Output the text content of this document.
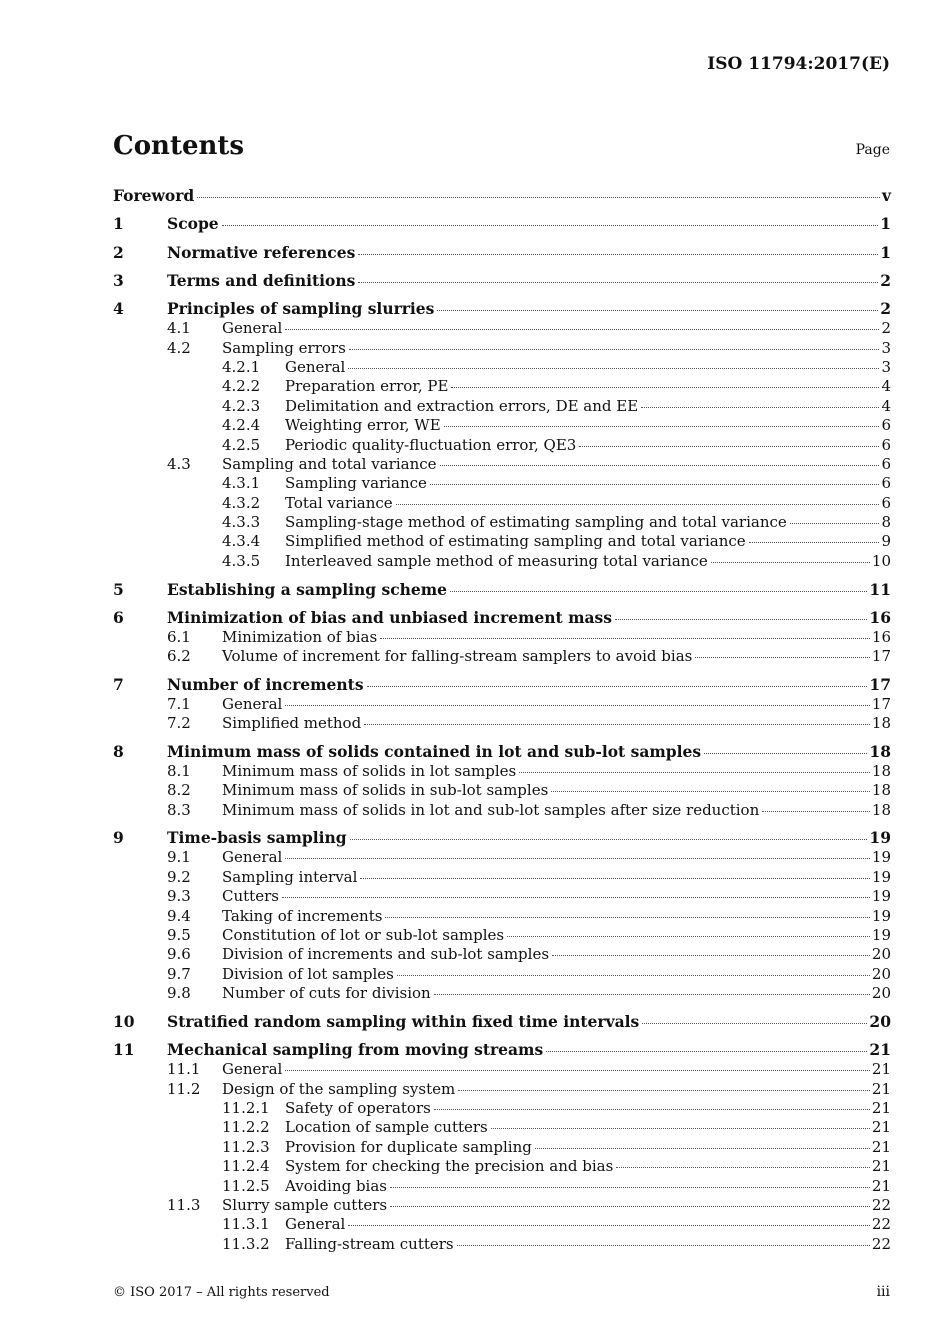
ISO 11794:2017(E)
Contents	Page
Foreword	v
1	Scope	1
2	Normative references	1
3	Terms and definitions	2
4	Principles of sampling slurries	2
4.1	General	2
4.2	Sampling errors	3
4.2.1	General	3
4.2.2	Preparation error, PE	4
4.2.3	Delimitation and extraction errors, DE and EE	4
4.2.4	Weighting error, WE	6
4.2.5	Periodic quality-fluctuation error, QE3	6
4.3	Sampling and total variance	6
4.3.1	Sampling variance	6
4.3.2	Total variance	6
4.3.3	Sampling-stage method of estimating sampling and total variance	8
4.3.4	Simplified method of estimating sampling and total variance	9
4.3.5	Interleaved sample method of measuring total variance	10
5	Establishing a sampling scheme	11
6	Minimization of bias and unbiased increment mass	16
6.1	Minimization of bias	16
6.2	Volume of increment for falling-stream samplers to avoid bias	17
7	Number of increments	17
7.1	General	17
7.2	Simplified method	18
8	Minimum mass of solids contained in lot and sub-lot samples	18
8.1	Minimum mass of solids in lot samples	18
8.2	Minimum mass of solids in sub-lot samples	18
8.3	Minimum mass of solids in lot and sub-lot samples after size reduction	18
9	Time-basis sampling	19
9.1	General	19
9.2	Sampling interval	19
9.3	Cutters	19
9.4	Taking of increments	19
9.5	Constitution of lot or sub-lot samples	19
9.6	Division of increments and sub-lot samples	20
9.7	Division of lot samples	20
9.8	Number of cuts for division	20
10	Stratified random sampling within fixed time intervals	20
11	Mechanical sampling from moving streams	21
11.1	General	21
11.2	Design of the sampling system	21
11.2.1	Safety of operators	21
11.2.2	Location of sample cutters	21
11.2.3	Provision for duplicate sampling	21
11.2.4	System for checking the precision and bias	21
11.2.5	Avoiding bias	21
11.3	Slurry sample cutters	22
11.3.1	General	22
11.3.2	Falling-stream cutters	22
© ISO 2017 – All rights reserved	iii
